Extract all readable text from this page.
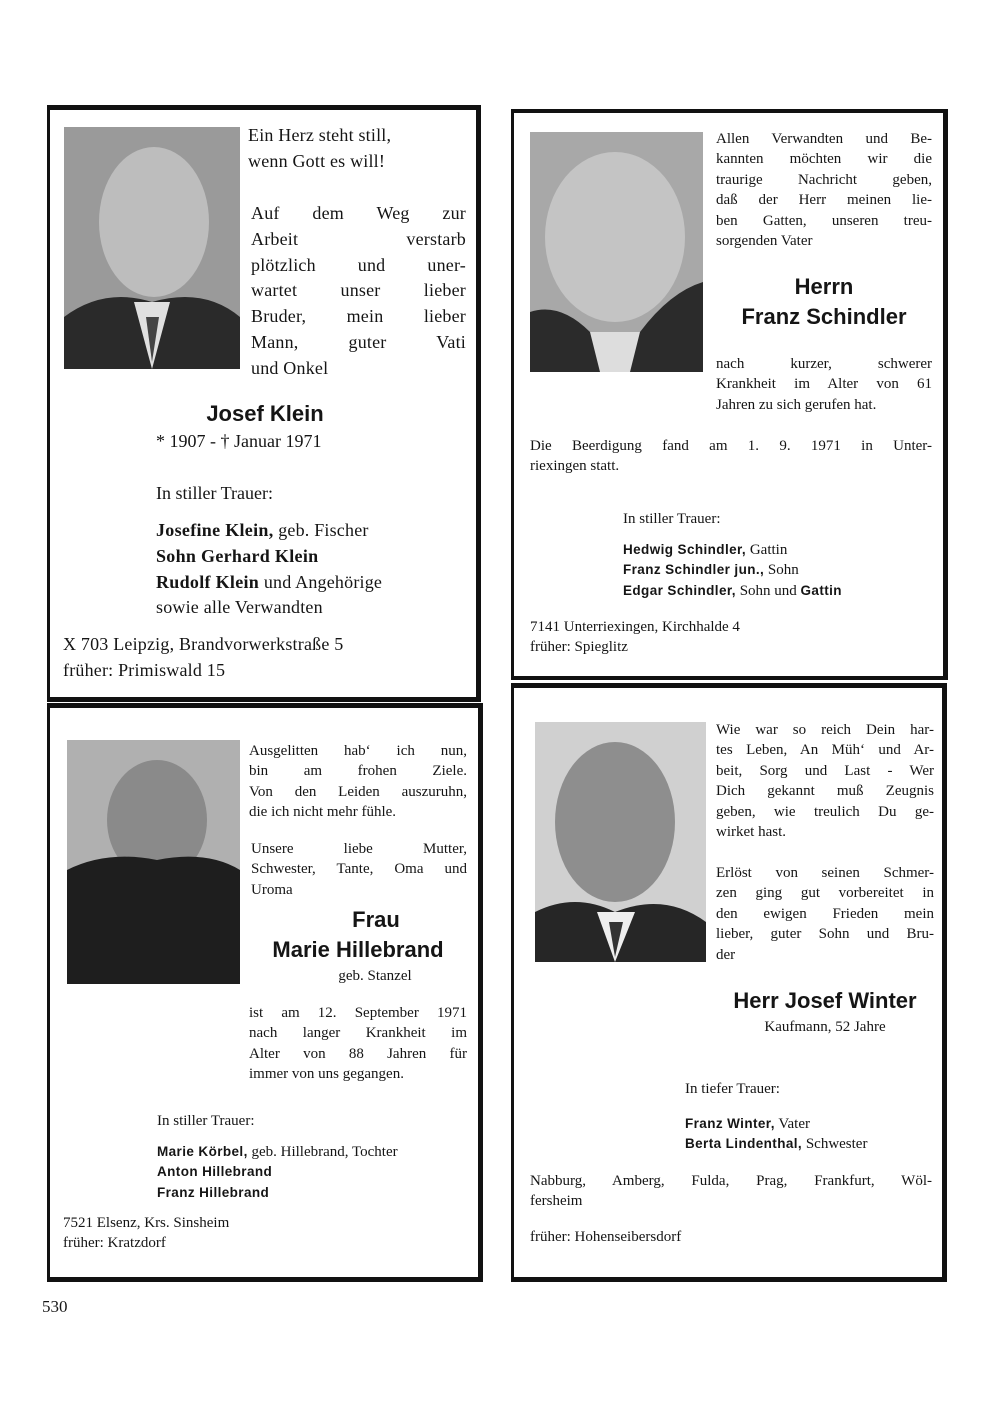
Ein Herz steht still,
wenn Gott es will!
Auf dem Weg zur
Arbeit verstarb
plötzlich und uner-
wartet unser lieber
Bruder, mein lieber
Mann, guter Vati
und Onkel
Josef Klein
* 1907 - † Januar 1971
In stiller Trauer:
Josefine Klein, geb. Fischer
Sohn Gerhard Klein
Rudolf Klein und Angehörige
sowie alle Verwandten
X 703 Leipzig, Brandvorwerkstraße 5
früher: Primiswald 15
Allen Verwandten und Be-
kannten möchten wir die
traurige Nachricht geben,
daß der Herr meinen lie-
ben Gatten, unseren treu-
sorgenden Vater
Herrn
Franz Schindler
nach kurzer, schwerer
Krankheit im Alter von 61
Jahren zu sich gerufen hat.
Die Beerdigung fand am 1. 9. 1971 in Unter-
riexingen statt.
In stiller Trauer:
Hedwig Schindler, Gattin
Franz Schindler jun., Sohn
Edgar Schindler, Sohn und Gattin
7141 Unterriexingen, Kirchhalde 4
früher: Spieglitz
Ausgelitten hab‘ ich nun,
bin am frohen Ziele.
Von den Leiden auszuruhn,
die ich nicht mehr fühle.
Unsere liebe Mutter,
Schwester, Tante, Oma und
Uroma
Frau
Marie Hillebrand
geb. Stanzel
ist am 12. September 1971
nach langer Krankheit im
Alter von 88 Jahren für
immer von uns gegangen.
In stiller Trauer:
Marie Körbel, geb. Hillebrand, Tochter
Anton Hillebrand
Franz Hillebrand
7521 Elsenz, Krs. Sinsheim
früher: Kratzdorf
Wie war so reich Dein har-
tes Leben, An Müh‘ und Ar-
beit, Sorg und Last - Wer
Dich gekannt muß Zeugnis
geben, wie treulich Du ge-
wirket hast.
Erlöst von seinen Schmer-
zen ging gut vorbereitet in
den ewigen Frieden mein
lieber, guter Sohn und Bru-
der
Herr Josef Winter
Kaufmann, 52 Jahre
In tiefer Trauer:
Franz Winter, Vater
Berta Lindenthal, Schwester
Nabburg, Amberg, Fulda, Prag, Frankfurt, Wöl-
fersheim
früher: Hohenseibersdorf
530
